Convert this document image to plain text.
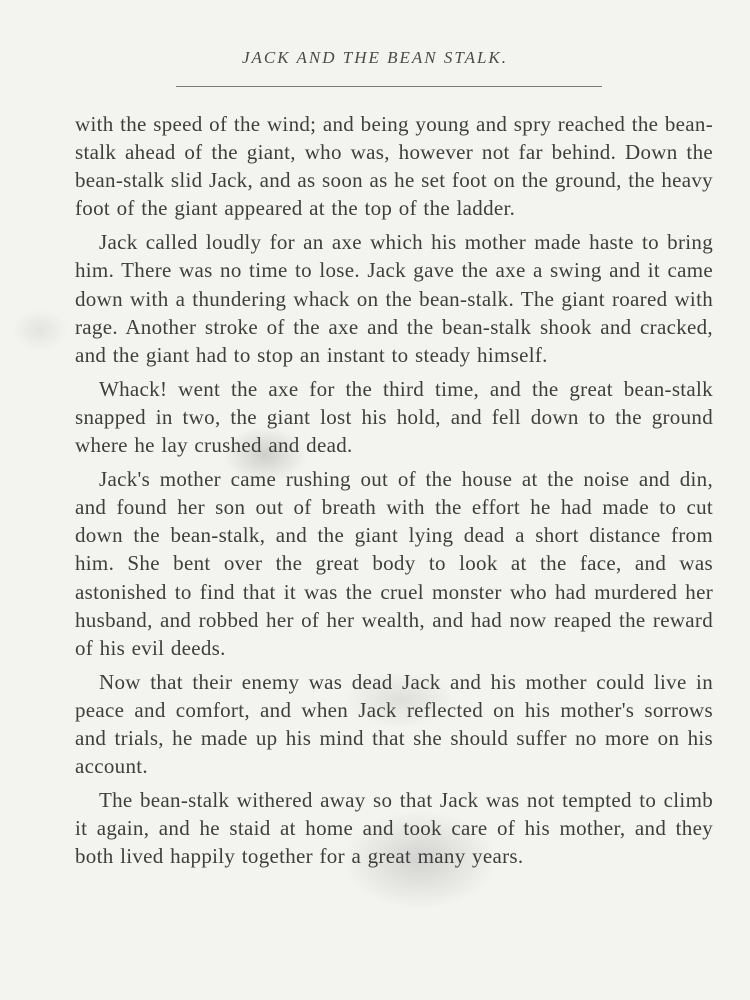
JACK AND THE BEAN STALK.

with the speed of the wind; and being young and spry reached the bean-stalk ahead of the giant, who was, however not far behind. Down the bean-stalk slid Jack, and as soon as he set foot on the ground, the heavy foot of the giant appeared at the top of the ladder.

Jack called loudly for an axe which his mother made haste to bring him. There was no time to lose. Jack gave the axe a swing and it came down with a thundering whack on the bean-stalk. The giant roared with rage. Another stroke of the axe and the bean-stalk shook and cracked, and the giant had to stop an instant to steady himself.

Whack! went the axe for the third time, and the great bean-stalk snapped in two, the giant lost his hold, and fell down to the ground where he lay crushed and dead.

Jack's mother came rushing out of the house at the noise and din, and found her son out of breath with the effort he had made to cut down the bean-stalk, and the giant lying dead a short distance from him. She bent over the great body to look at the face, and was astonished to find that it was the cruel monster who had murdered her husband, and robbed her of her wealth, and had now reaped the reward of his evil deeds.

Now that their enemy was dead Jack and his mother could live in peace and comfort, and when Jack reflected on his mother's sorrows and trials, he made up his mind that she should suffer no more on his account.

The bean-stalk withered away so that Jack was not tempted to climb it again, and he staid at home and took care of his mother, and they both lived happily together for a great many years.
